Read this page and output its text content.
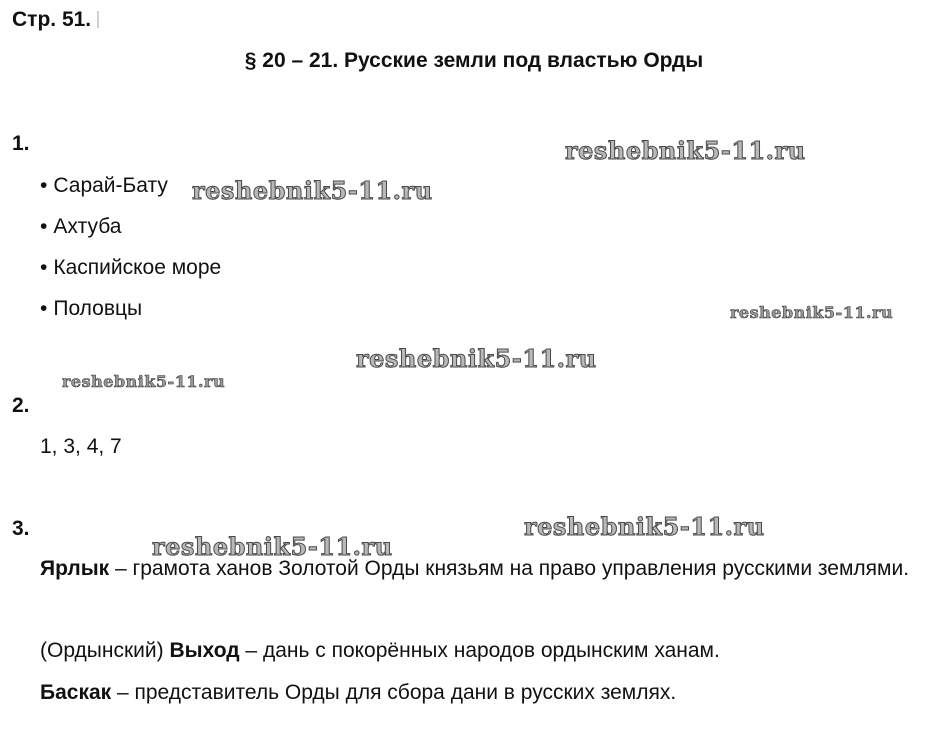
Стр. 51.
§ 20 – 21. Русские земли под властью Орды
1.
• Сарай-Бату
• Ахтуба
• Каспийское море
• Половцы
2.
1, 3, 4, 7
3.
Ярлык – грамота ханов Золотой Орды князьям на право управления русскими землями.
(Ордынский) Выход – дань с покорённых народов ордынским ханам.
Баскак – представитель Орды для сбора дани в русских землях.
reshebnik5-11.ru
reshebnik5-11.ru
reshebnik5-11.ru
reshebnik5-11.ru
reshebnik5-11.ru
reshebnik5-11.ru
reshebnik5-11.ru
